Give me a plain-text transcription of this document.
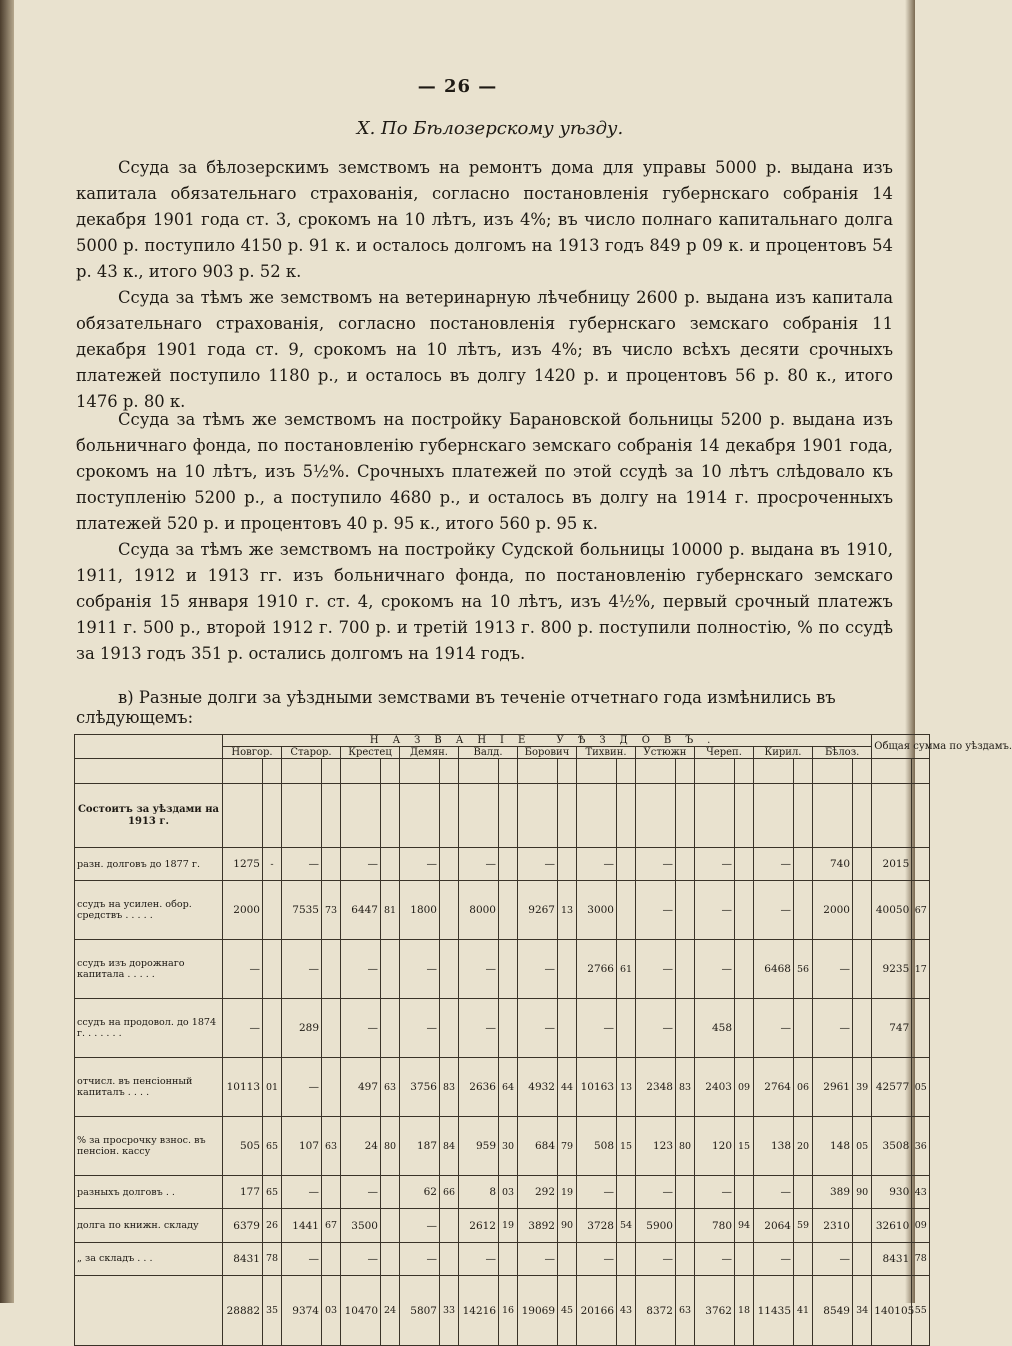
— 26 —
X. По Бѣлозерскому уѣзду.

Ссуда за бѣлозерскимъ земствомъ на ремонтъ дома для управы 5000 р. выдана изъ капитала обязательнаго страхованія, согласно постановленія губернскаго собранія 14 декабря 1901 года ст. 3, срокомъ на 10 лѣтъ, изъ 4%; въ число полнаго капитальнаго долга 5000 р. поступило 4150 р. 91 к. и осталось долгомъ на 1913 годъ 849 р 09 к. и процентовъ 54 р. 43 к., итого 903 р. 52 к.

Ссуда за тѣмъ же земствомъ на ветеринарную лѣчебницу 2600 р. выдана изъ капитала обязательнаго страхованія, согласно постановленія губернскаго земскаго собранія 11 декабря 1901 года ст. 9, срокомъ на 10 лѣтъ, изъ 4%; въ число всѣхъ десяти срочныхъ платежей поступило 1180 р., и осталось въ долгу 1420 р. и процентовъ 56 р. 80 к., итого 1476 р. 80 к.

Ссуда за тѣмъ же земствомъ на постройку Барановской больницы 5200 р. выдана изъ больничнаго фонда, по постановленію губернскаго земскаго собранія 14 декабря 1901 года, срокомъ на 10 лѣтъ, изъ 5½%. Срочныхъ платежей по этой ссудѣ за 10 лѣтъ слѣдовало къ поступленію 5200 р., а поступило 4680 р., и осталось въ долгу на 1914 г. просроченныхъ платежей 520 р. и процентовъ 40 р. 95 к., итого 560 р. 95 к.

Ссуда за тѣмъ же земствомъ на постройку Судской больницы 10000 р. выдана въ 1910, 1911, 1912 и 1913 гг. изъ больничнаго фонда, по постановленію губернскаго земскаго собранія 15 января 1910 г. ст. 4, срокомъ на 10 лѣтъ, изъ 4½%, первый срочный платежъ 1911 г. 500 р., второй 1912 г. 700 р. и третій 1913 г. 800 р. поступили полностію, % по ссудѣ за 1913 годъ 351 р. остались долгомъ на 1914 годъ.

в) Разные долги за уѣздными земствами въ теченіе отчетнаго года измѣнились въ слѣдующемъ:

	НАЗВАНІЕ УѢЗДОВЪ.																						Общая сумма по уѣздамъ.	
	Новгор.		Старор.		Крестец		Демян.		Валд.		Борович		Тихвин.		Устюжн		Череп.		Кирил.		Бѣлоз.			

Состоитъ за уѣздами на 1913 г.																								
разн. долговъ до 1877 г.	1275	-	—		—		—		—		—		—		—		—		—		740		2015	
ссудъ на усилен. обор. средствъ . . . . .	2000		7535	73	6447	81	1800		8000		9267	13	3000		—		—		—		2000		40050	67
ссудъ изъ дорожнаго капитала . . . . .	—		—		—		—		—		—		2766	61	—		—		6468	56	—		9235	17
ссудъ на продовол. до 1874 г. . . . . . .	—		289		—		—		—		—		—		—		458		—		—		747	
отчисл. въ пенсіонный капиталъ . . . .	10113	01	—		497	63	3756	83	2636	64	4932	44	10163	13	2348	83	2403	09	2764	06	2961	39	42577	05
% за просрочку взнос. въ пенсіон. кассу	505	65	107	63	24	80	187	84	959	30	684	79	508	15	123	80	120	15	138	20	148	05	3508	36
разныхъ долговъ . .	177	65	—		—		62	66	8	03	292	19	—		—		—		—		389	90	930	43
долга по книжн. складу	6379	26	1441	67	3500		—		2612	19	3892	90	3728	54	5900		780	94	2064	59	2310		32610	09
„ за складъ . . .	8431	78	—		—		—		—		—		—		—		—		—		—		8431	78
	28882	35	9374	03	10470	24	5807	33	14216	16	19069	45	20166	43	8372	63	3762	18	11435	41	8549	34	140105	55
